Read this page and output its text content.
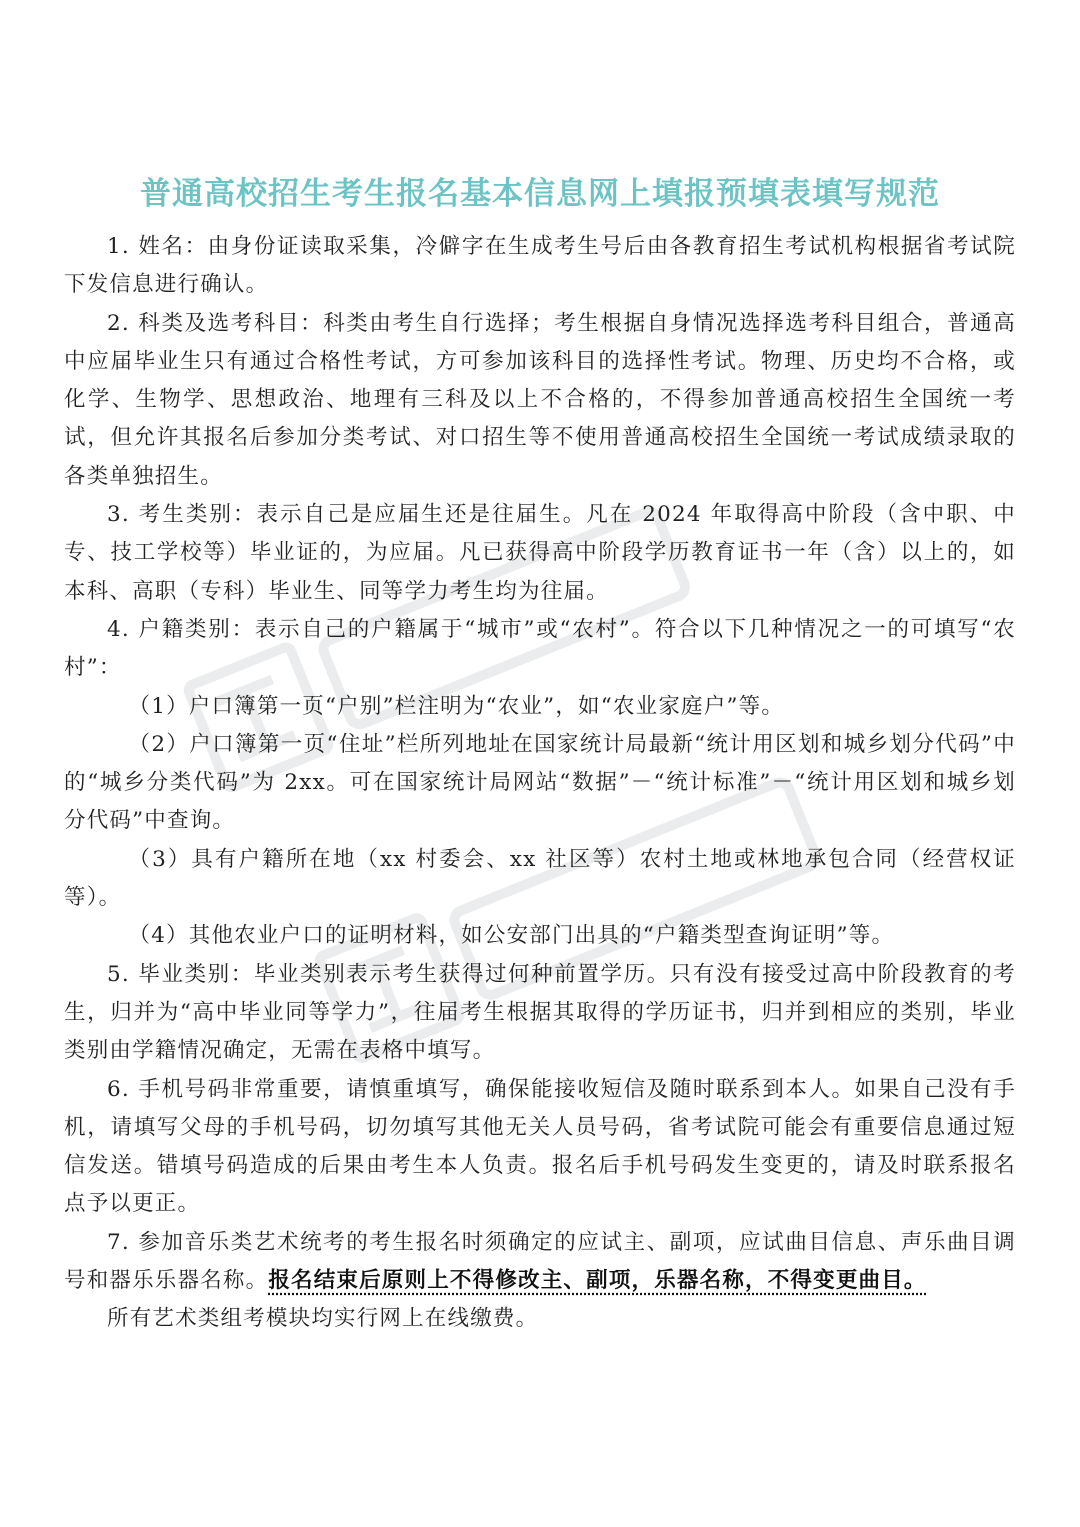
普通高校招生考生报名基本信息网上填报预填表填写规范

1. 姓名：由身份证读取采集，冷僻字在生成考生号后由各教育招生考试机构根据省考试院下发信息进行确认。

2. 科类及选考科目：科类由考生自行选择；考生根据自身情况选择选考科目组合，普通高中应届毕业生只有通过合格性考试，方可参加该科目的选择性考试。物理、历史均不合格，或化学、生物学、思想政治、地理有三科及以上不合格的，不得参加普通高校招生全国统一考试，但允许其报名后参加分类考试、对口招生等不使用普通高校招生全国统一考试成绩录取的各类单独招生。

3. 考生类别：表示自己是应届生还是往届生。凡在 2024 年取得高中阶段（含中职、中专、技工学校等）毕业证的，为应届。凡已获得高中阶段学历教育证书一年（含）以上的，如本科、高职（专科）毕业生、同等学力考生均为往届。

4. 户籍类别：表示自己的户籍属于“城市”或“农村”。符合以下几种情况之一的可填写“农村”：

（1）户口簿第一页“户别”栏注明为“农业”，如“农业家庭户”等。

（2）户口簿第一页“住址”栏所列地址在国家统计局最新“统计用区划和城乡划分代码”中的“城乡分类代码”为 2xx。可在国家统计局网站“数据”－“统计标准”－“统计用区划和城乡划分代码”中查询。

（3）具有户籍所在地（xx 村委会、xx 社区等）农村土地或林地承包合同（经营权证等）。

（4）其他农业户口的证明材料，如公安部门出具的“户籍类型查询证明”等。

5. 毕业类别：毕业类别表示考生获得过何种前置学历。只有没有接受过高中阶段教育的考生，归并为“高中毕业同等学力”，往届考生根据其取得的学历证书，归并到相应的类别，毕业类别由学籍情况确定，无需在表格中填写。

6. 手机号码非常重要，请慎重填写，确保能接收短信及随时联系到本人。如果自己没有手机，请填写父母的手机号码，切勿填写其他无关人员号码，省考试院可能会有重要信息通过短信发送。错填号码造成的后果由考生本人负责。报名后手机号码发生变更的，请及时联系报名点予以更正。

7. 参加音乐类艺术统考的考生报名时须确定的应试主、副项，应试曲目信息、声乐曲目调号和器乐乐器名称。报名结束后原则上不得修改主、副项，乐器名称，不得变更曲目。

所有艺术类组考模块均实行网上在线缴费。
